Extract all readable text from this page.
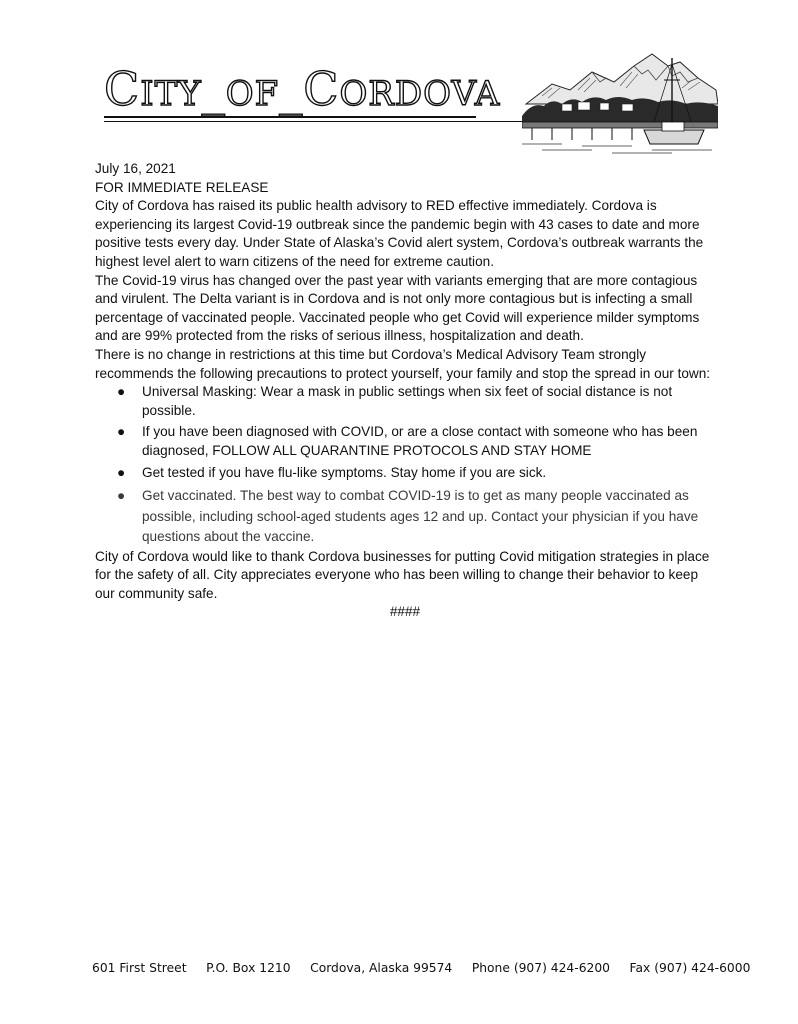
CITY_OF_CORDOVA

July 16, 2021

FOR IMMEDIATE RELEASE

City of Cordova has raised its public health advisory to RED effective immediately. Cordova is experiencing its largest Covid-19 outbreak since the pandemic begin with 43 cases to date and more positive tests every day. Under State of Alaska’s Covid alert system, Cordova’s outbreak warrants the highest level alert to warn citizens of the need for extreme caution.

The Covid-19 virus has changed over the past year with variants emerging that are more contagious and virulent. The Delta variant is in Cordova and is not only more contagious but is infecting a small percentage of vaccinated people. Vaccinated people who get Covid will experience milder symptoms and are 99% protected from the risks of serious illness, hospitalization and death.

There is no change in restrictions at this time but Cordova’s Medical Advisory Team strongly recommends the following precautions to protect yourself, your family and stop the spread in our town:

● Universal Masking: Wear a mask in public settings when six feet of social distance is not possible.
● If you have been diagnosed with COVID, or are a close contact with someone who has been diagnosed, FOLLOW ALL QUARANTINE PROTOCOLS AND STAY HOME
● Get tested if you have flu-like symptoms. Stay home if you are sick.
● Get vaccinated. The best way to combat COVID-19 is to get as many people vaccinated as possible, including school-aged students ages 12 and up. Contact your physician if you have questions about the vaccine.

City of Cordova would like to thank Cordova businesses for putting Covid mitigation strategies in place for the safety of all. City appreciates everyone who has been willing to change their behavior to keep our community safe.

####

601 First Street P.O. Box 1210 Cordova, Alaska 99574 Phone (907) 424-6200 Fax (907) 424-6000
